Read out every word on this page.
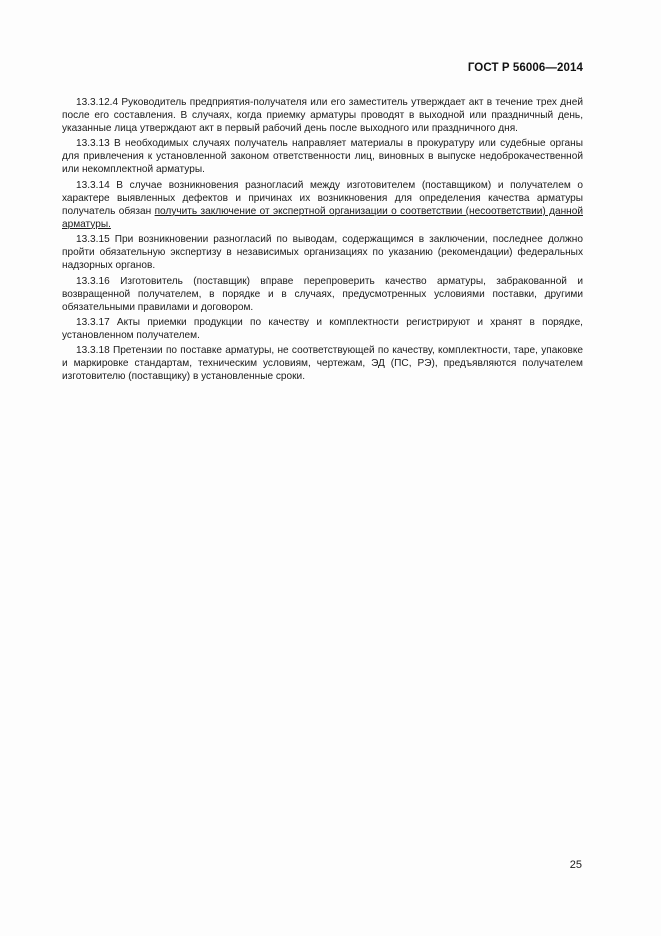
ГОСТ Р 56006—2014

13.3.12.4 Руководитель предприятия-получателя или его заместитель утверждает акт в течение трех дней после его составления. В случаях, когда приемку арматуры проводят в выходной или праздничный день, указанные лица утверждают акт в первый рабочий день после выходного или праздничного дня.

13.3.13 В необходимых случаях получатель направляет материалы в прокуратуру или судебные органы для привлечения к установленной законом ответственности лиц, виновных в выпуске недоброкачественной или некомплектной арматуры.

13.3.14 В случае возникновения разногласий между изготовителем (поставщиком) и получателем о характере выявленных дефектов и причинах их возникновения для определения качества арматуры получатель обязан получить заключение от экспертной организации о соответствии (несоответствии) данной арматуры.

13.3.15 При возникновении разногласий по выводам, содержащимся в заключении, последнее должно пройти обязательную экспертизу в независимых организациях по указанию (рекомендации) федеральных надзорных органов.

13.3.16 Изготовитель (поставщик) вправе перепроверить качество арматуры, забракованной и возвращенной получателем, в порядке и в случаях, предусмотренных условиями поставки, другими обязательными правилами и договором.

13.3.17 Акты приемки продукции по качеству и комплектности регистрируют и хранят в порядке, установленном получателем.

13.3.18 Претензии по поставке арматуры, не соответствующей по качеству, комплектности, таре, упаковке и маркировке стандартам, техническим условиям, чертежам, ЭД (ПС, РЭ), предъявляются получателем изготовителю (поставщику) в установленные сроки.

25
